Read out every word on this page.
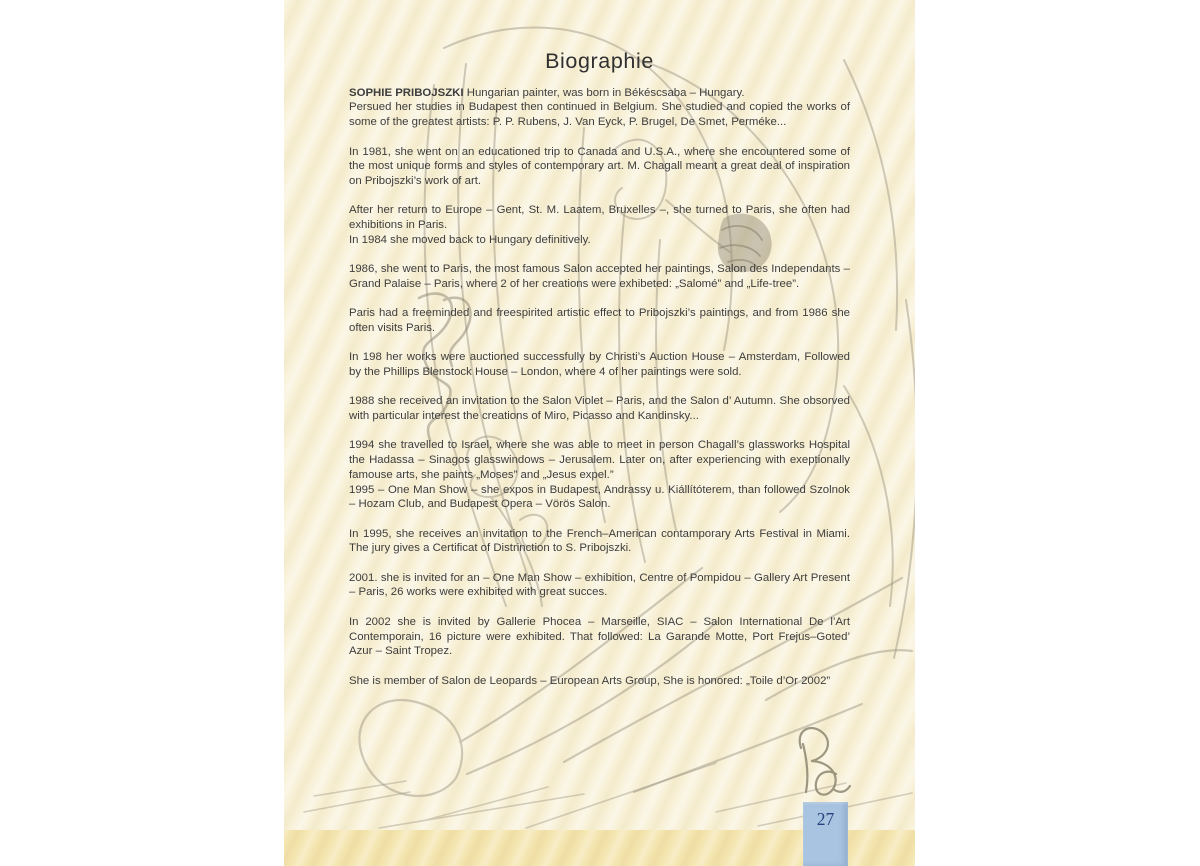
Biographie
SOPHIE PRIBOJSZKI Hungarian painter, was born in Békéscsaba – Hungary.
Persued her studies in Budapest then continued in Belgium. She studied and copied the works of some of the greatest artists: P. P. Rubens, J. Van Eyck, P. Brugel, De Smet, Perméke...
In 1981, she went on an educationed trip to Canada and U.S.A., where she encountered some of the most unique forms and styles of contemporary art. M. Chagall meant a great deal of inspiration on Pribojszki’s work of art.
After her return to Europe – Gent, St. M. Laatem, Bruxelles –, she turned to Paris, she often had exhibitions in Paris.
In 1984 she moved back to Hungary definitively.
1986, she went to Paris, the most famous Salon accepted her paintings, Salon des Independants – Grand Palaise – Paris, where 2 of her creations were exhibeted: „Salomé” and „Life-tree”.
Paris had a freeminded and freespirited artistic effect to Pribojszki’s paintings, and from 1986 she often visits Paris.
In 198 her works were auctioned successfully by Christi’s Auction House – Amsterdam, Followed by the Phillips Blenstock House – London, where 4 of her paintings were sold.
1988 she received an invitation to the Salon Violet – Paris, and the Salon d’ Autumn. She obsorved with particular interest the creations of Miro, Picasso and Kandinsky...
1994 she travelled to Israel, where she was able to meet in person Chagall’s glassworks Hospital the Hadassa – Sinagos glasswindows – Jerusalem. Later on, after experiencing with exeptionally famouse arts, she paints „Moses” and „Jesus expel.”
1995 – One Man Show – she expos in Budapest, Andrassy u. Kiállítóterem, than followed Szolnok – Hozam Club, and Budapest Opera – Vörös Salon.
In 1995, she receives an invitation to the French–American contamporary Arts Festival in Miami. The jury gives a Certificat of Distrinction to S. Pribojszki.
2001. she is invited for an – One Man Show – exhibition, Centre of Pompidou – Gallery Art Present – Paris, 26 works were exhibited with great succes.
In 2002 she is invited by Gallerie Phocea – Marseille, SIAC – Salon International De l’Art Contemporain, 16 picture were exhibited. That followed: La Garande Motte, Port Frejus–Goted’ Azur – Saint Tropez.
She is member of Salon de Leopards – European Arts Group, She is honored: „Toile d’Or 2002”
27
